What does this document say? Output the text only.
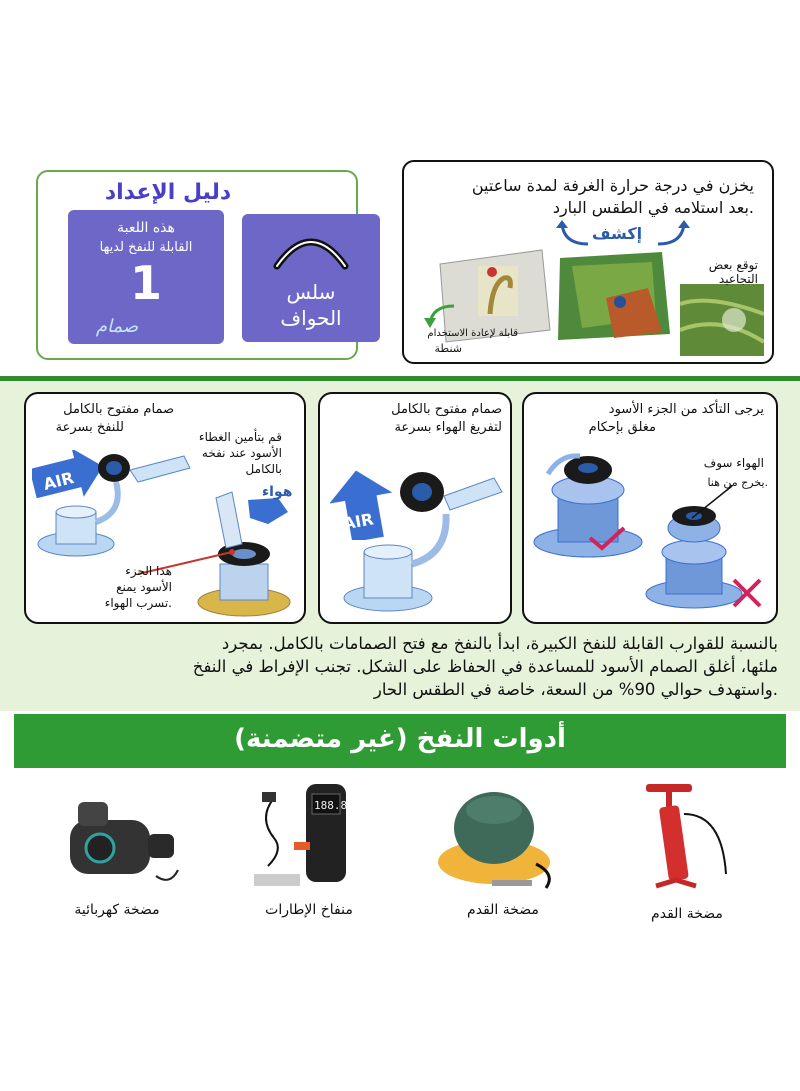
دليل الإعداد
هذه اللعبة
القابلة للنفخ لديها
1
صمام
سلس
الحواف
يخزن في درجة حرارة الغرفة لمدة ساعتين
.بعد استلامه في الطقس البارد
إكشف
توقع بعض
التجاعيد
قابلة لإعادة الاستخدام
شنطة
صمام مفتوح بالكامل
للنفخ بسرعة
قم بتأمين الغطاء
الأسود عند نفخه
بالكامل
AIR	هواء
هذا الجزء
الأسود يمنع
.تسرب الهواء
صمام مفتوح بالكامل
لتفريغ الهواء بسرعة
AIR
يرجى التأكد من الجزء الأسود
مغلق بإحكام
الهواء سوف
.يخرج من هنا
بالنسبة للقوارب القابلة للنفخ الكبيرة، ابدأ بالنفخ مع فتح الصمامات بالكامل. بمجرد
ملئها، أغلق الصمام الأسود للمساعدة في الحفاظ على الشكل. تجنب الإفراط في النفخ
.واستهدف حوالي 90% من السعة، خاصة في الطقس الحار
أدوات النفخ (غير متضمنة)
مضخة كهربائية
188.8
منفاخ الإطارات	مضخة القدم	مضخة القدم
